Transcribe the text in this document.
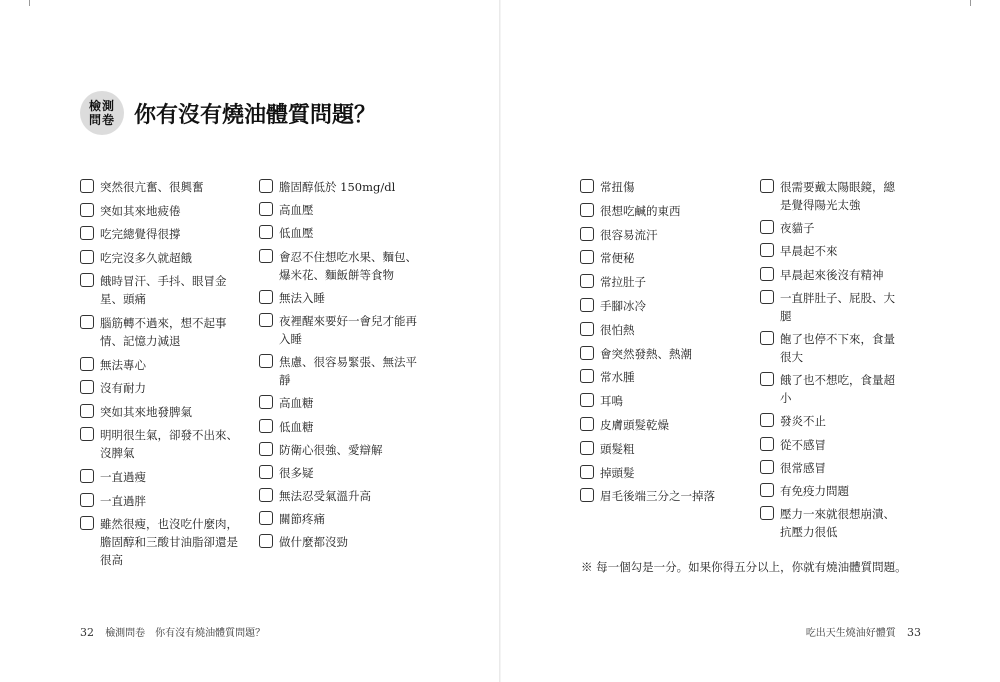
檢測
問卷 你有沒有燒油體質問題？
突然很亢奮、很興奮
突如其來地疲倦
吃完總覺得很撐
吃完沒多久就超餓
餓時冒汗、手抖、眼冒金星、頭痛
腦筋轉不過來，想不起事情、記憶力減退
無法專心
沒有耐力
突如其來地發脾氣
明明很生氣，卻發不出來、沒脾氣
一直過瘦
一直過胖
雖然很瘦，也沒吃什麼肉，膽固醇和三酸甘油脂卻還是很高
膽固醇低於 150mg/dl
高血壓
低血壓
會忍不住想吃水果、麵包、爆米花、麵飯餅等食物
無法入睡
夜裡醒來要好一會兒才能再入睡
焦慮、很容易緊張、無法平靜
高血糖
低血糖
防衛心很強、愛辯解
很多疑
無法忍受氣溫升高
關節疼痛
做什麼都沒勁
32 檢測問卷　你有沒有燒油體質問題？
常扭傷
很想吃鹹的東西
很容易流汗
常便秘
常拉肚子
手腳冰冷
很怕熱
會突然發熱、熱潮
常水腫
耳鳴
皮膚頭髮乾燥
頭髮粗
掉頭髮
眉毛後端三分之一掉落
很需要戴太陽眼鏡，總是覺得陽光太強
夜貓子
早晨起不來
早晨起來後沒有精神
一直胖肚子、屁股、大腿
飽了也停不下來，食量很大
餓了也不想吃，食量超小
發炎不止
從不感冒
很常感冒
有免疫力問題
壓力一來就很想崩潰、抗壓力很低
※ 每一個勾是一分。如果你得五分以上，你就有燒油體質問題。
吃出天生燒油好體質 33
